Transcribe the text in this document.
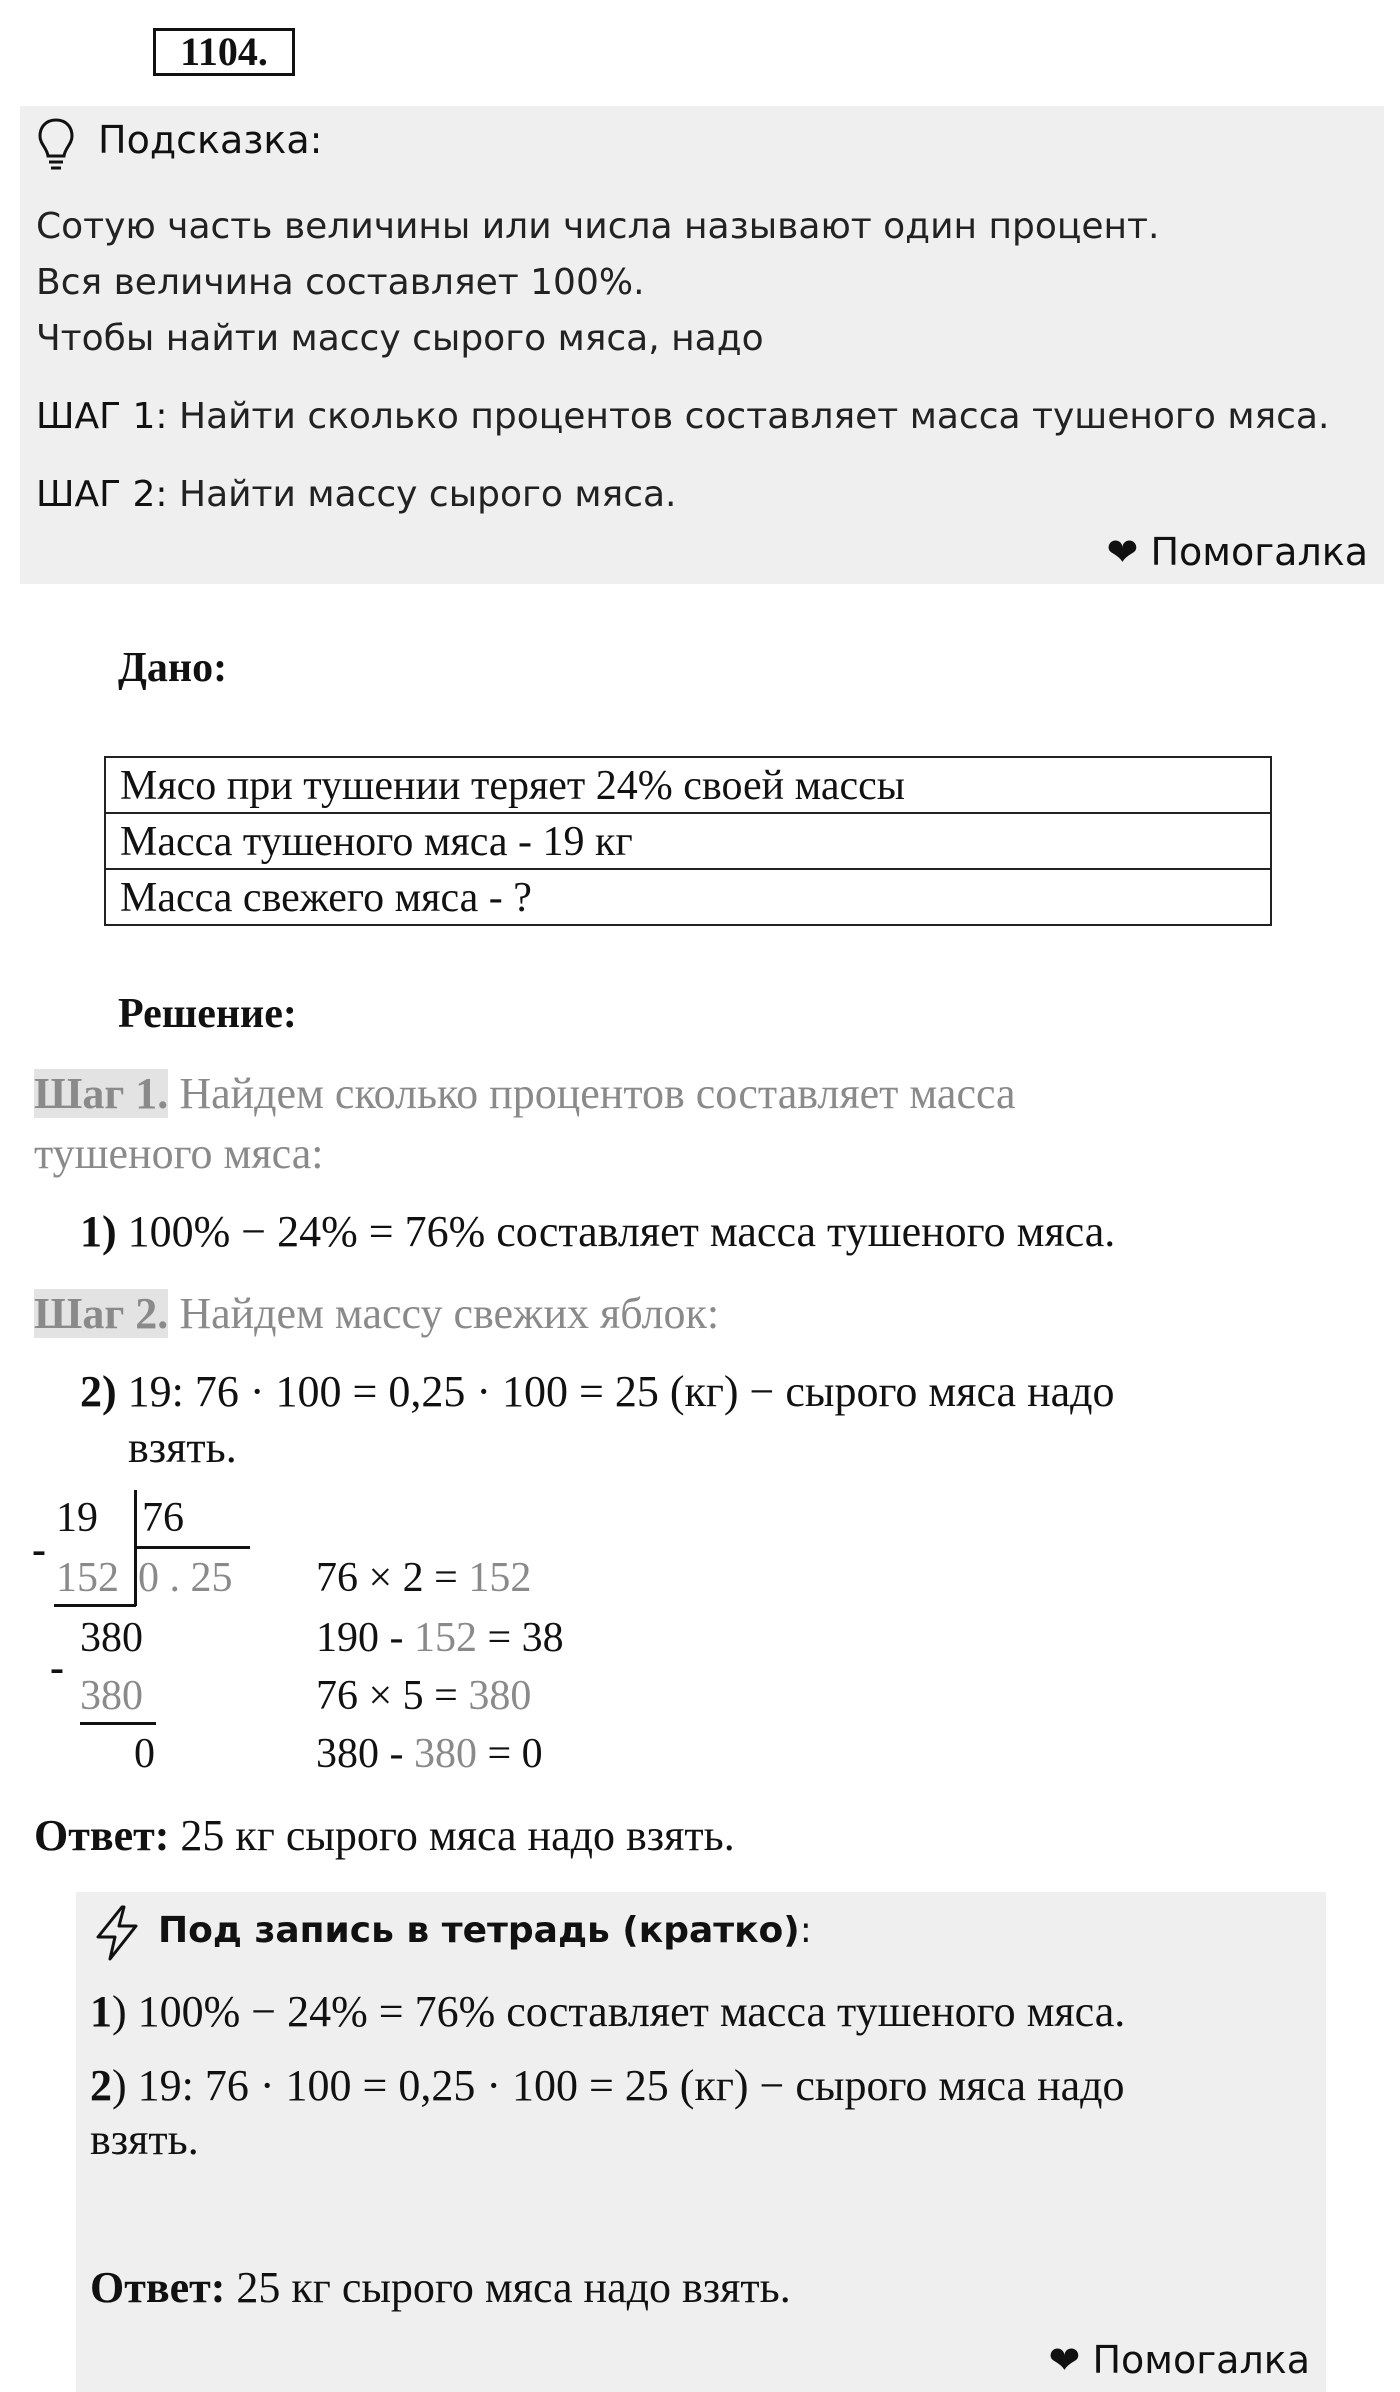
1104.
Подсказка:
Сотую часть величины или числа называют один процент.
Вся величина составляет 100%.
Чтобы найти массу сырого мяса, надо
ШАГ 1: Найти сколько процентов составляет масса тушеного мяса.
ШАГ 2: Найти массу сырого мяса.
❤ Помогалка
Дано:
Мясо при тушении теряет 24% своей массы
Масса тушеного мяса - 19 кг
Масса свежего мяса - ?
Решение:
Шаг 1. Найдем сколько процентов составляет масса
тушеного мяса:
1) 100% − 24% = 76% составляет масса тушеного мяса.
Шаг 2. Найдем массу свежих яблок:
2) 19: 76 · 100 = 0,25 · 100 = 25 (кг) − сырого мяса надо
взять.
19 76
-
152 0 . 25
380
-
380
0
76 × 2 = 152
190 - 152 = 38
76 × 5 = 380
380 - 380 = 0
Ответ: 25 кг сырого мяса надо взять.
Под запись в тетрадь (кратко):
1) 100% − 24% = 76% составляет масса тушеного мяса.
2) 19: 76 · 100 = 0,25 · 100 = 25 (кг) − сырого мяса надо
взять.
Ответ: 25 кг сырого мяса надо взять.
❤ Помогалка
